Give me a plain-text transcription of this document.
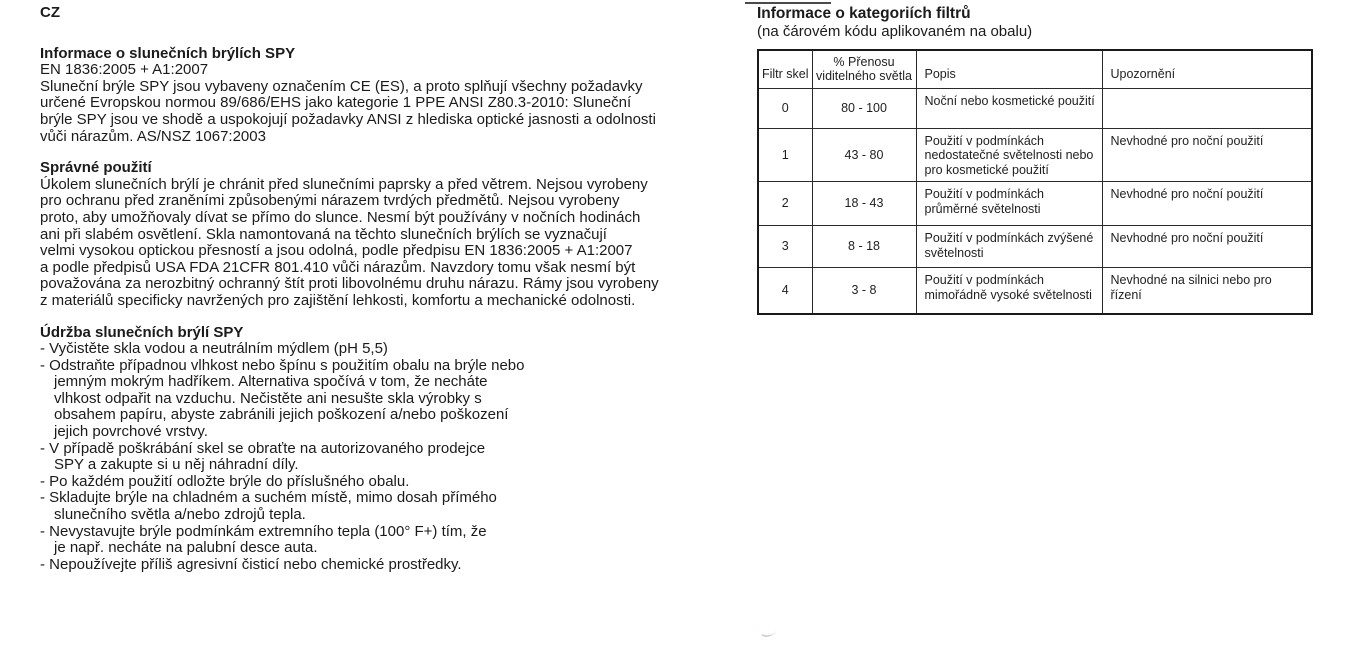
CZ
Informace o slunečních brýlích SPY
EN 1836:2005 + A1:2007
Sluneční brýle SPY jsou vybaveny označením CE (ES), a proto splňují všechny požadavky
určené Evropskou normou 89/686/EHS jako kategorie 1 PPE ANSI Z80.3-2010: Sluneční
brýle SPY jsou ve shodě a uspokojují požadavky ANSI z hlediska optické jasnosti a odolnosti
vůči nárazům. AS/NSZ 1067:2003
Správné použití
Úkolem slunečních brýlí je chránit před slunečními paprsky a před větrem. Nejsou vyrobeny
pro ochranu před zraněními způsobenými nárazem tvrdých předmětů. Nejsou vyrobeny
proto, aby umožňovaly dívat se přímo do slunce. Nesmí být používány v nočních hodinách
ani při slabém osvětlení. Skla namontovaná na těchto slunečních brýlích se vyznačují
velmi vysokou optickou přesností a jsou odolná, podle předpisu EN 1836:2005 + A1:2007
a podle předpisů USA FDA 21CFR 801.410 vůči nárazům. Navzdory tomu však nesmí být
považována za nerozbitný ochranný štít proti libovolnému druhu nárazu. Rámy jsou vyrobeny
z materiálů specificky navržených pro zajištění lehkosti, komfortu a mechanické odolnosti.
Údržba slunečních brýlí SPY
- Vyčistěte skla vodou a neutrálním mýdlem (pH 5,5)
- Odstraňte případnou vlhkost nebo špínu s použitím obalu na brýle nebo
jemným mokrým hadříkem. Alternativa spočívá v tom, že necháte
vlhkost odpařit na vzduchu. Nečistěte ani nesušte skla výrobky s
obsahem papíru, abyste zabránili jejich poškození a/nebo poškození
jejich povrchové vrstvy.
- V případě poškrábání skel se obraťte na autorizovaného prodejce
SPY a zakupte si u něj náhradní díly.
- Po každém použití odložte brýle do příslušného obalu.
- Skladujte brýle na chladném a suchém místě, mimo dosah přímého
slunečního světla a/nebo zdrojů tepla.
- Nevystavujte brýle podmínkám extremního tepla (100° F+) tím, že
je např. necháte na palubní desce auta.
- Nepoužívejte příliš agresivní čisticí nebo chemické prostředky.
Informace o kategoriích filtrů
(na čárovém kódu aplikovaném na obalu)
Filtr skel	% Přenosu viditelného světla	Popis	Upozornění
0	80 - 100	Noční nebo kosmetické použití	
1	43 - 80	Použití v podmínkách nedostatečné světelnosti nebo pro kosmetické použití	Nevhodné pro noční použití
2	18 - 43	Použití v podmínkách průměrné světelnosti	Nevhodné pro noční použití
3	8 - 18	Použití v podmínkách zvýšené světelnosti	Nevhodné pro noční použití
4	3 - 8	Použití v podmínkách mimořádně vysoké světelnosti	Nevhodné na silnici nebo pro řízení
